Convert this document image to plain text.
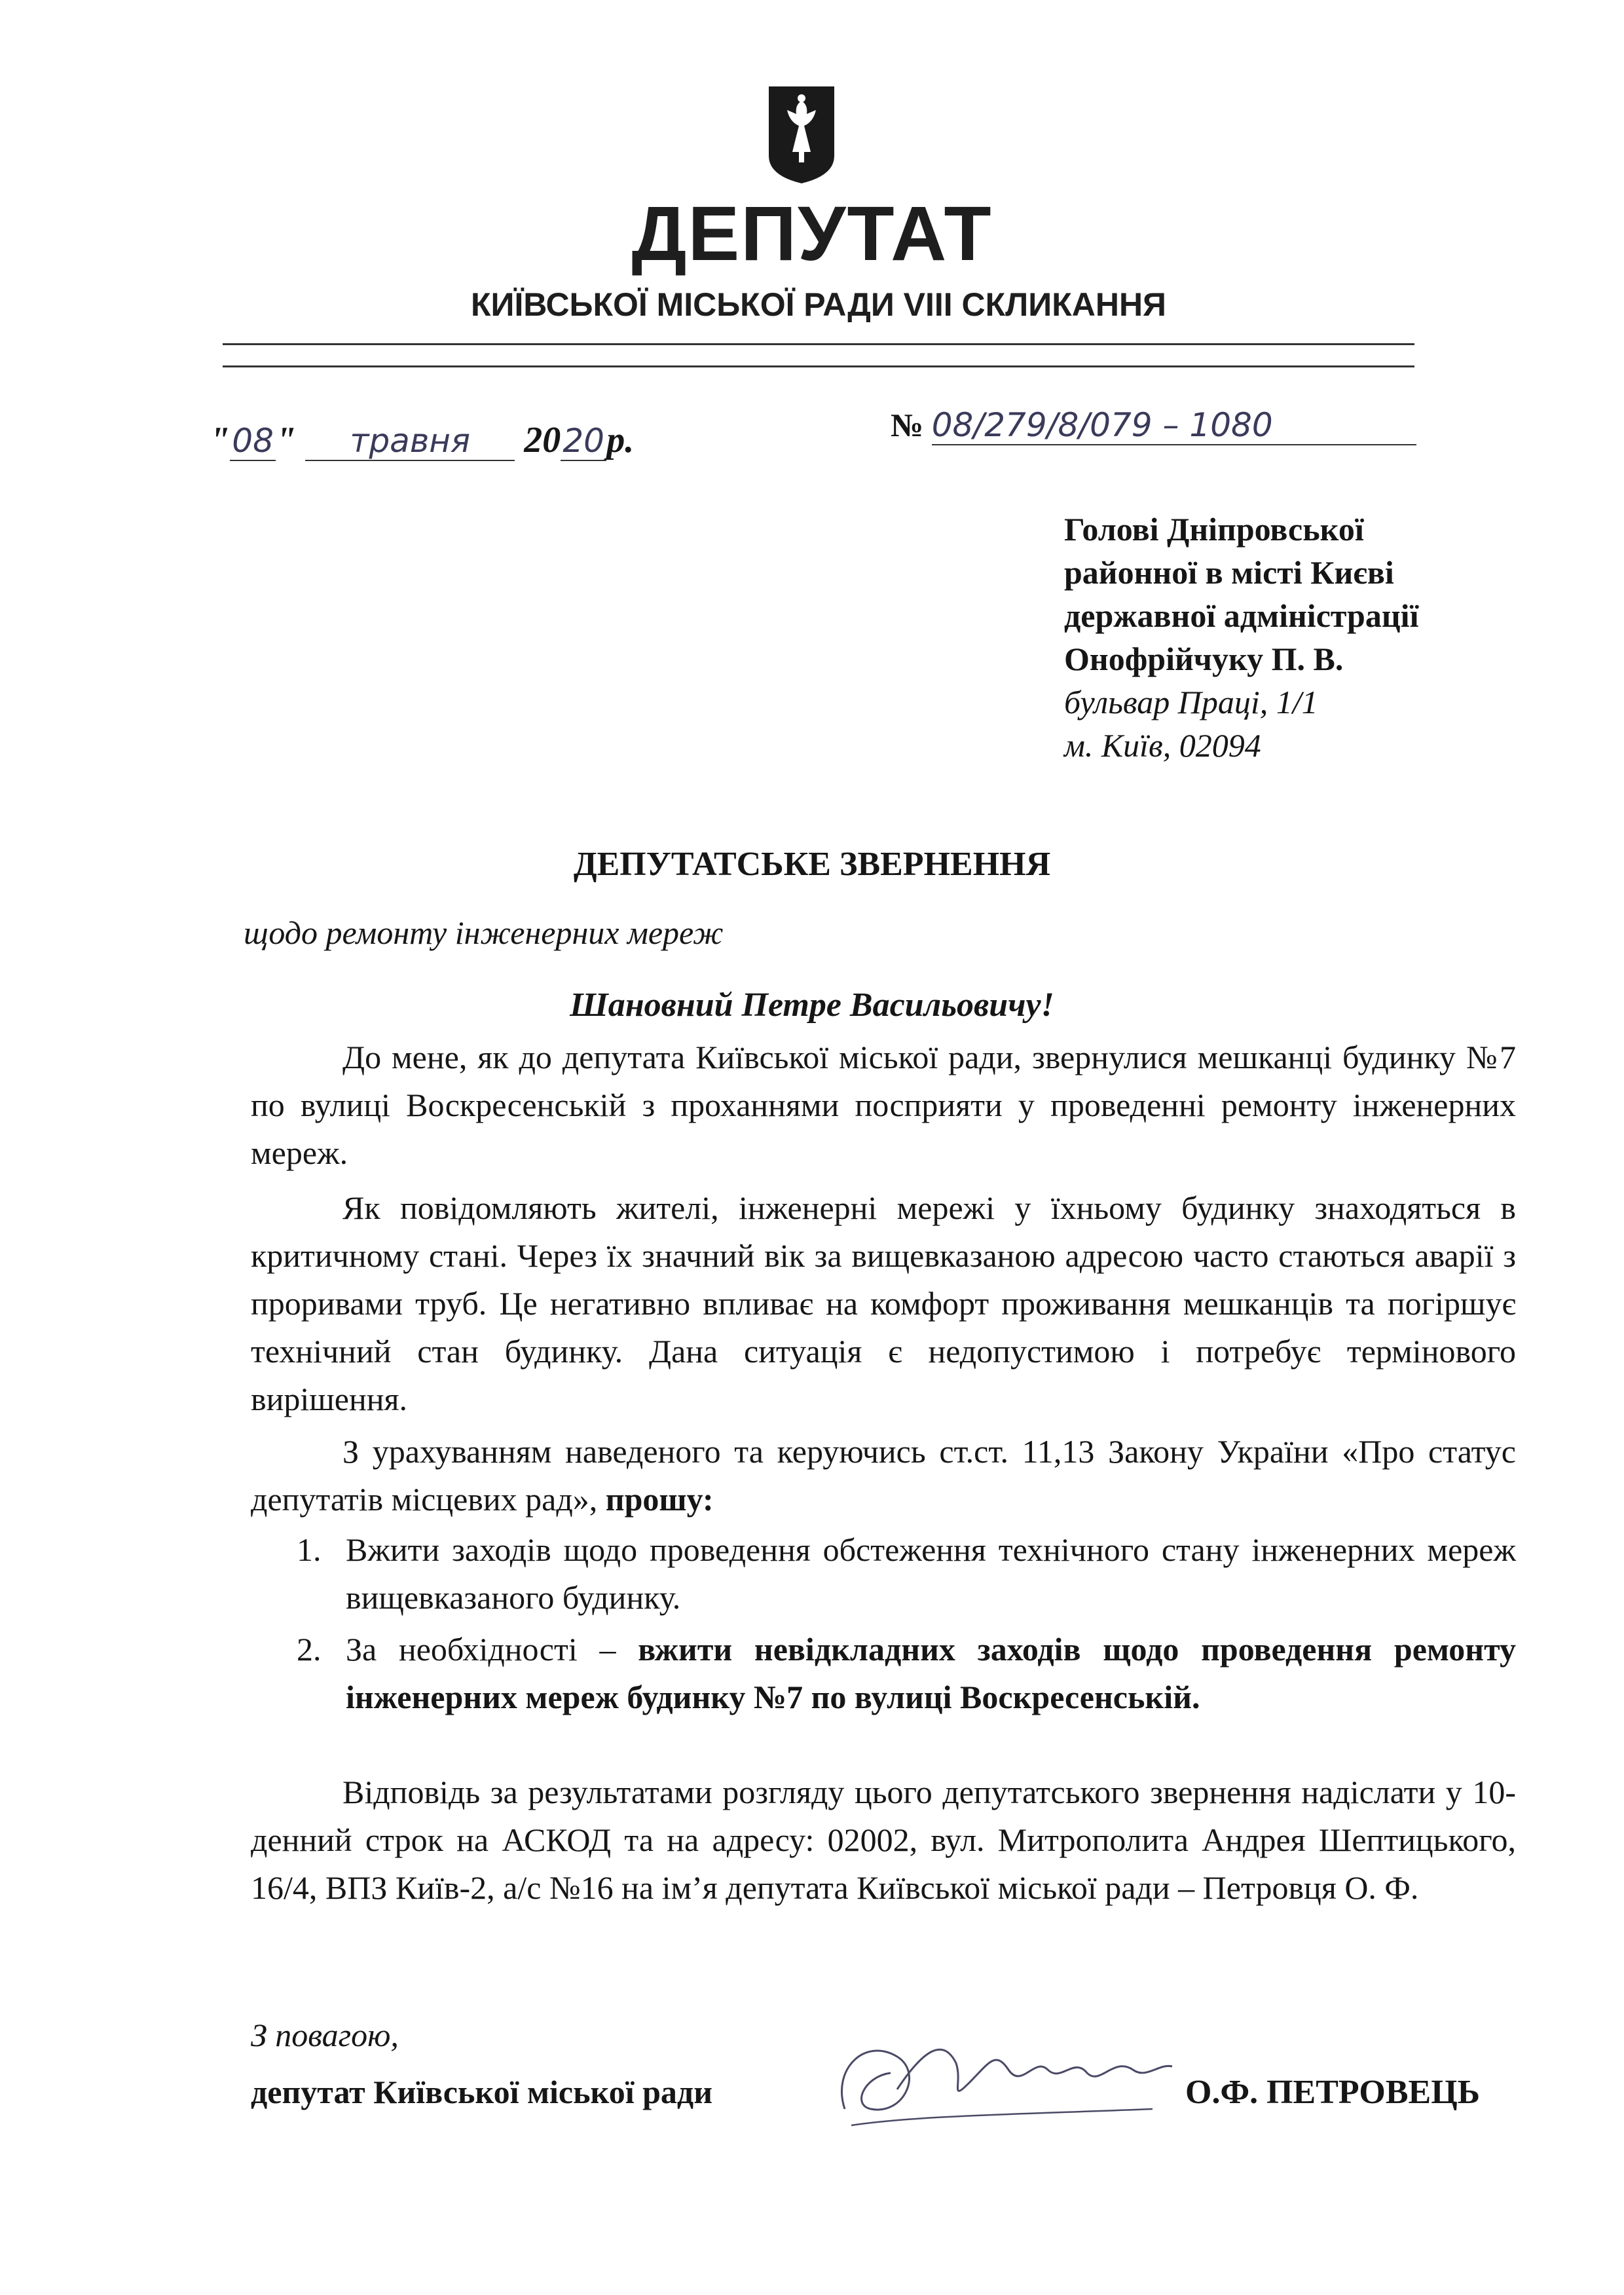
ДЕПУТАТ
КИЇВСЬКОЇ МІСЬКОЇ РАДИ VIII СКЛИКАННЯ
"08" травня 2020р.	№ 08/279/8/079 – 1080
Голові Дніпровської
районної в місті Києві
державної адміністрації
Онофрійчуку П. В.
бульвар Праці, 1/1
м. Київ, 02094
ДЕПУТАТСЬКЕ ЗВЕРНЕННЯ
щодо ремонту інженерних мереж
Шановний Петре Васильовичу!
До мене, як до депутата Київської міської ради, звернулися мешканці будинку №7 по вулиці Воскресенській з проханнями посприяти у проведенні ремонту інженерних мереж.
Як повідомляють жителі, інженерні мережі у їхньому будинку знаходяться в критичному стані. Через їх значний вік за вищевказаною адресою часто стаються аварії з проривами труб. Це негативно впливає на комфорт проживання мешканців та погіршує технічний стан будинку. Дана ситуація є недопустимою і потребує термінового вирішення.
З урахуванням наведеного та керуючись ст.ст. 11,13 Закону України «Про статус депутатів місцевих рад», прошу:
1. Вжити заходів щодо проведення обстеження технічного стану інженерних мереж вищевказаного будинку.
2. За необхідності – вжити невідкладних заходів щодо проведення ремонту інженерних мереж будинку №7 по вулиці Воскресенській.
Відповідь за результатами розгляду цього депутатського звернення надіслати у 10-денний строк на АСКОД та на адресу: 02002, вул. Митрополита Андрея Шептицького, 16/4, ВПЗ Київ-2, а/с №16 на ім’я депутата Київської міської ради – Петровця О. Ф.
З повагою,
депутат Київської міської ради	О.Ф. ПЕТРОВЕЦЬ
